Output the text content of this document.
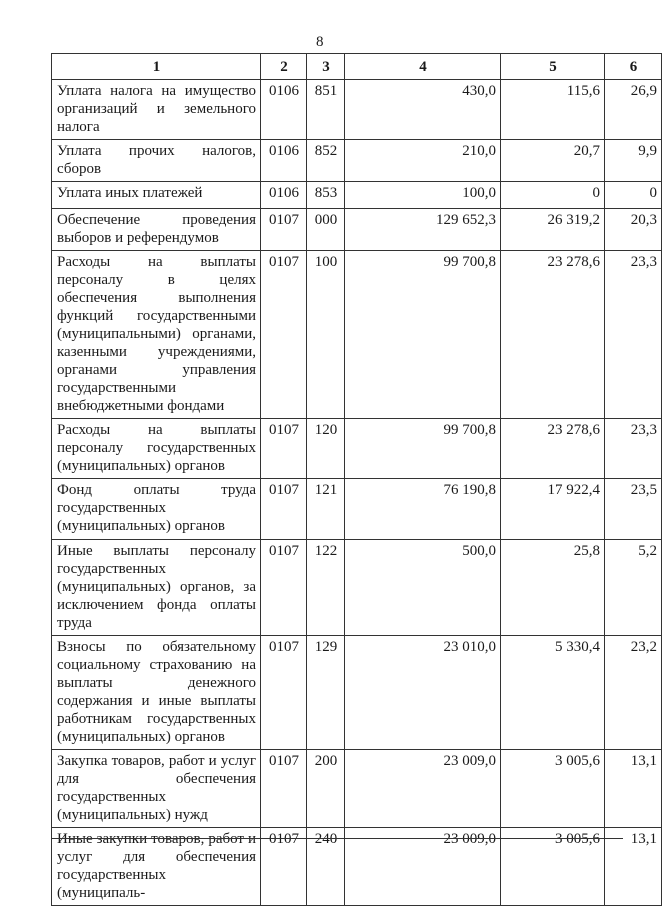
8
1	2	3	4	5	6
Уплата налога на имущество организаций и земельного налога	0106	851	430,0	115,6	26,9
Уплата прочих налогов, сборов	0106	852	210,0	20,7	9,9
Уплата иных платежей	0106	853	100,0	0	0
Обеспечение проведения выборов и референдумов	0107	000	129 652,3	26 319,2	20,3
Расходы на выплаты персоналу в целях обеспечения выполнения функций государственными (муниципальными) органами, казенными учреждениями, органами управления государственными внебюджетными фондами	0107	100	99 700,8	23 278,6	23,3
Расходы на выплаты персоналу государственных (муниципальных) органов	0107	120	99 700,8	23 278,6	23,3
Фонд оплаты труда государственных (муниципальных) органов	0107	121	76 190,8	17 922,4	23,5
Иные выплаты персоналу государственных (муниципальных) органов, за исключением фонда оплаты труда	0107	122	500,0	25,8	5,2
Взносы по обязательному социальному страхованию на выплаты денежного содержания и иные выплаты работникам государственных (муниципальных) органов	0107	129	23 010,0	5 330,4	23,2
Закупка товаров, работ и услуг для обеспечения государственных (муниципальных) нужд	0107	200	23 009,0	3 005,6	13,1
Иные закупки товаров, работ и услуг для обеспечения государственных (муниципаль-	0107	240	23 009,0	3 005,6	13,1
